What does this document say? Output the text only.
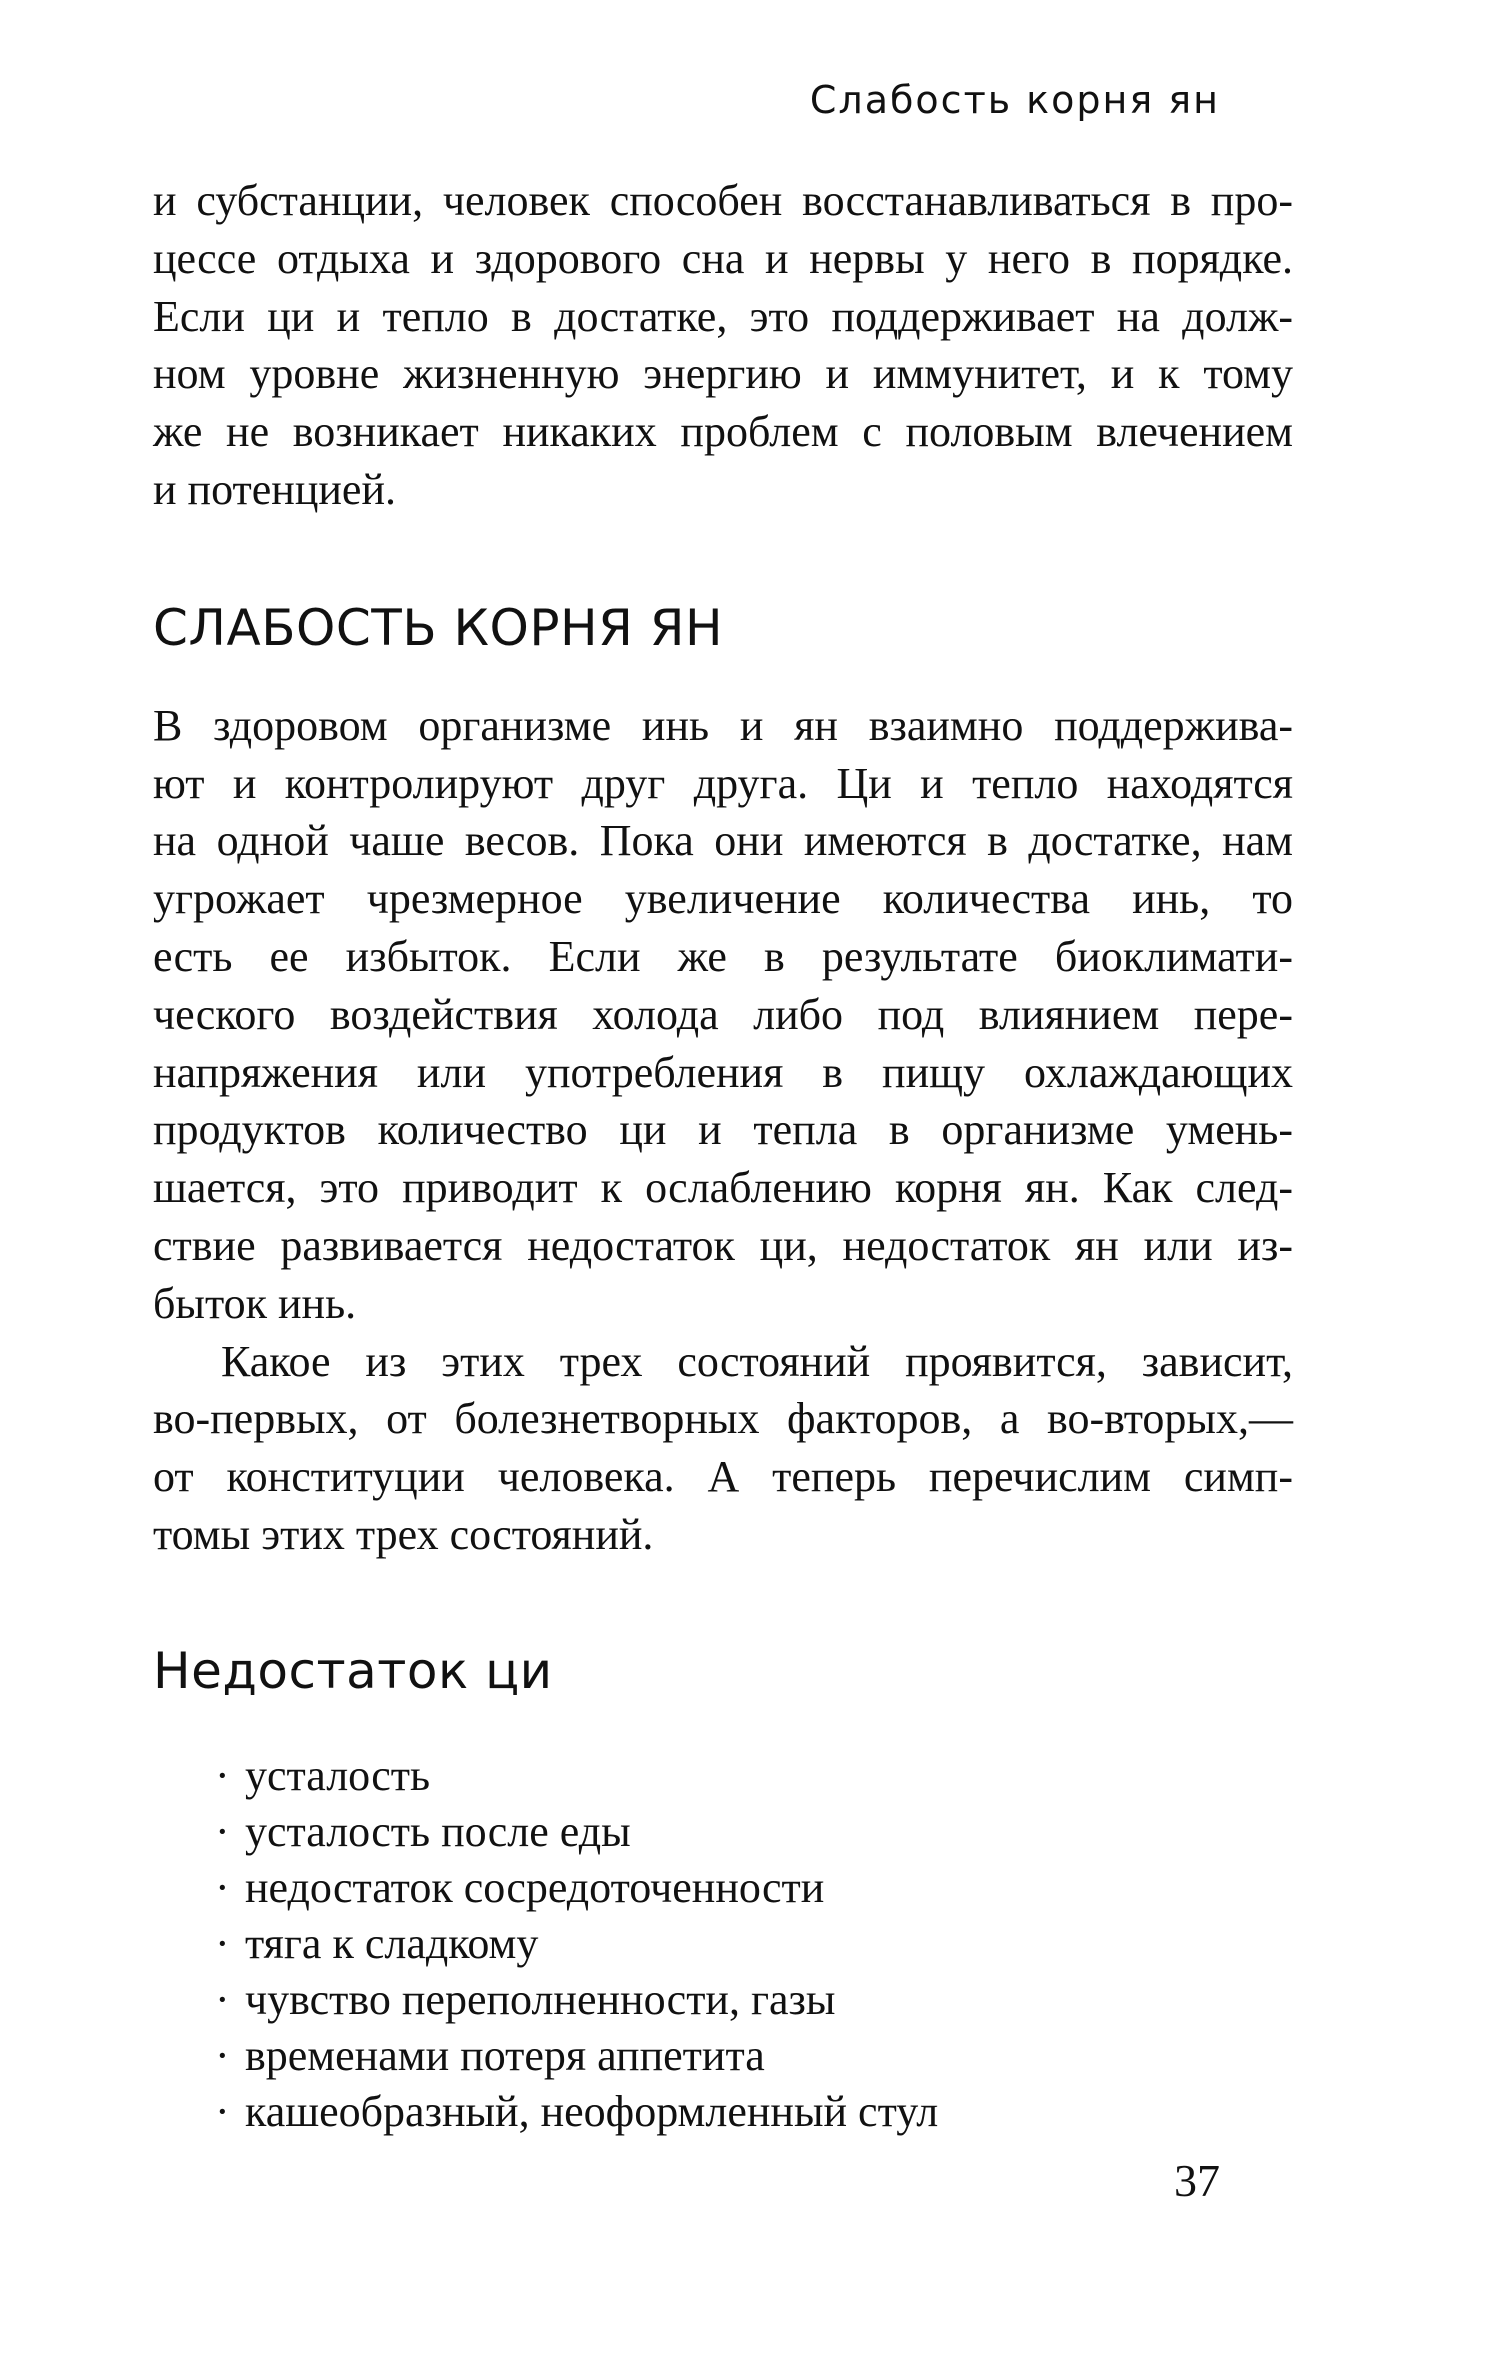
Слабость корня ян

и субстанции, человек способен восстанавливаться в про-
цессе отдыха и здорового сна и нервы у него в порядке.
Если ци и тепло в достатке, это поддерживает на долж-
ном уровне жизненную энергию и иммунитет, и к тому
же не возникает никаких проблем с половым влечением
и потенцией.

СЛАБОСТЬ КОРНЯ ЯН

В здоровом организме инь и ян взаимно поддержива-
ют и контролируют друг друга. Ци и тепло находятся
на одной чаше весов. Пока они имеются в достатке, нам
угрожает чрезмерное увеличение количества инь, то
есть ее избыток. Если же в результате биоклимати-
ческого воздействия холода либо под влиянием пере-
напряжения или употребления в пищу охлаждающих
продуктов количество ци и тепла в организме умень-
шается, это приводит к ослаблению корня ян. Как след-
ствие развивается недостаток ци, недостаток ян или из-
быток инь.

Какое из этих трех состояний проявится, зависит,
во-первых, от болезнетворных факторов, а во-вторых,—
от конституции человека. А теперь перечислим симп-
томы этих трех состояний.

Недостаток ци
· усталость
· усталость после еды
· недостаток сосредоточенности
· тяга к сладкому
· чувство переполненности, газы
· временами потеря аппетита
· кашеобразный, неоформленный стул
37
